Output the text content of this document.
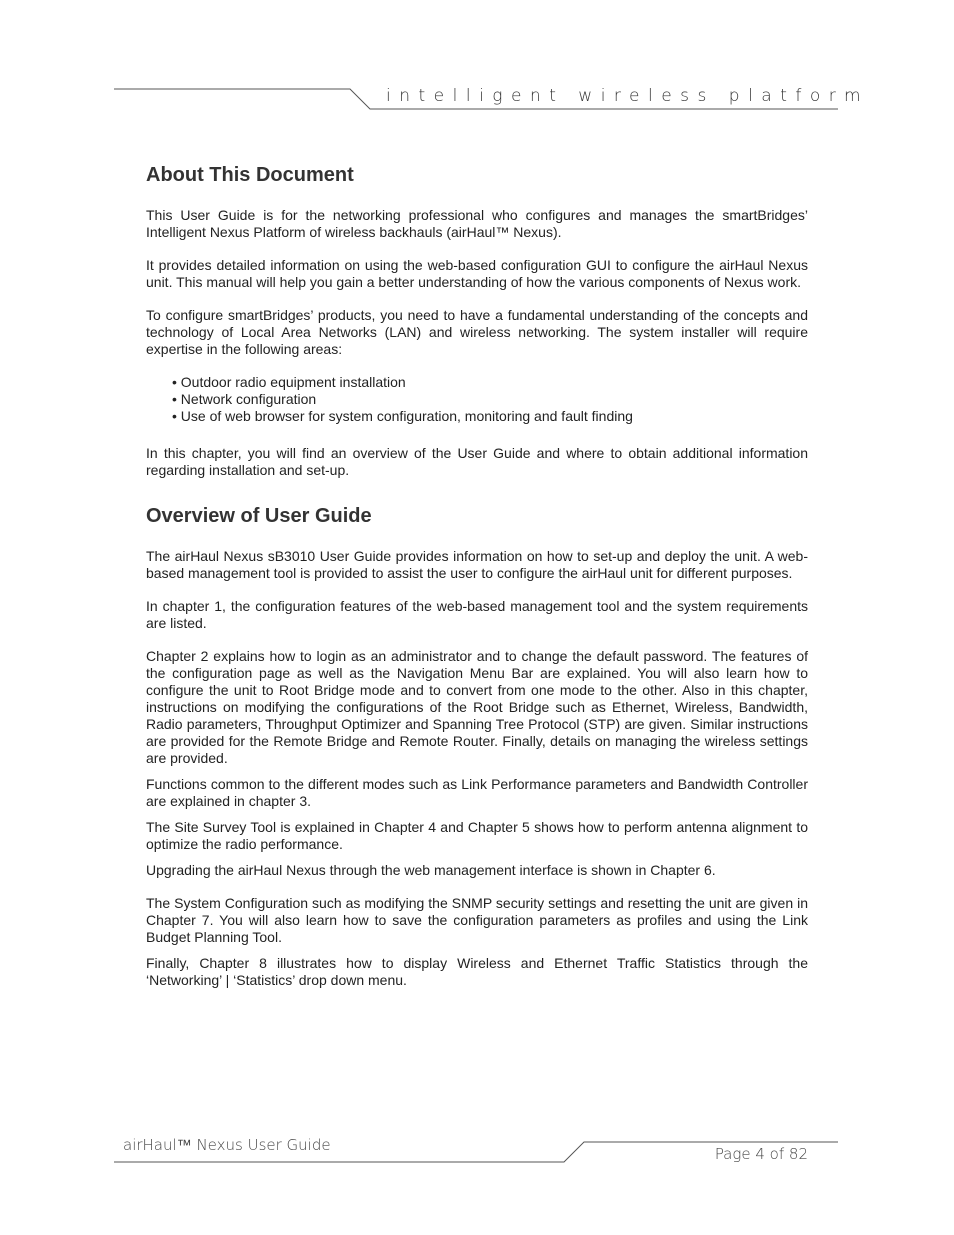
intelligent wireless platform
About This Document

This User Guide is for the networking professional who configures and manages the smartBridges’ Intelligent Nexus Platform of wireless backhauls (airHaul™ Nexus).

It provides detailed information on using the web-based configuration GUI to configure the airHaul Nexus unit. This manual will help you gain a better understanding of how the various components of Nexus work.

To configure smartBridges’ products, you need to have a fundamental understanding of the concepts and technology of Local Area Networks (LAN) and wireless networking. The system installer will require expertise in the following areas:

• Outdoor radio equipment installation
• Network configuration
• Use of web browser for system configuration, monitoring and fault finding

In this chapter, you will find an overview of the User Guide and where to obtain additional information regarding installation and set-up.

Overview of User Guide

The airHaul Nexus sB3010 User Guide provides information on how to set-up and deploy the unit. A web-based management tool is provided to assist the user to configure the airHaul unit for different purposes.

In chapter 1, the configuration features of the web-based management tool and the system requirements are listed.

Chapter 2 explains how to login as an administrator and to change the default password. The features of the configuration page as well as the Navigation Menu Bar are explained. You will also learn how to configure the unit to Root Bridge mode and to convert from one mode to the other. Also in this chapter, instructions on modifying the configurations of the Root Bridge such as Ethernet, Wireless, Bandwidth, Radio parameters, Throughput Optimizer and Spanning Tree Protocol (STP) are given. Similar instructions are provided for the Remote Bridge and Remote Router. Finally, details on managing the wireless settings are provided.

Functions common to the different modes such as Link Performance parameters and Bandwidth Controller are explained in chapter 3.

The Site Survey Tool is explained in Chapter 4 and Chapter 5 shows how to perform antenna alignment to optimize the radio performance.

Upgrading the airHaul Nexus through the web management interface is shown in Chapter 6.

The System Configuration such as modifying the SNMP security settings and resetting the unit are given in Chapter 7. You will also learn how to save the configuration parameters as profiles and using the Link Budget Planning Tool.

Finally, Chapter 8 illustrates how to display Wireless and Ethernet Traffic Statistics through the ‘Networking’ | ‘Statistics’ drop down menu.

airHaul™ Nexus User Guide	Page 4 of 82
